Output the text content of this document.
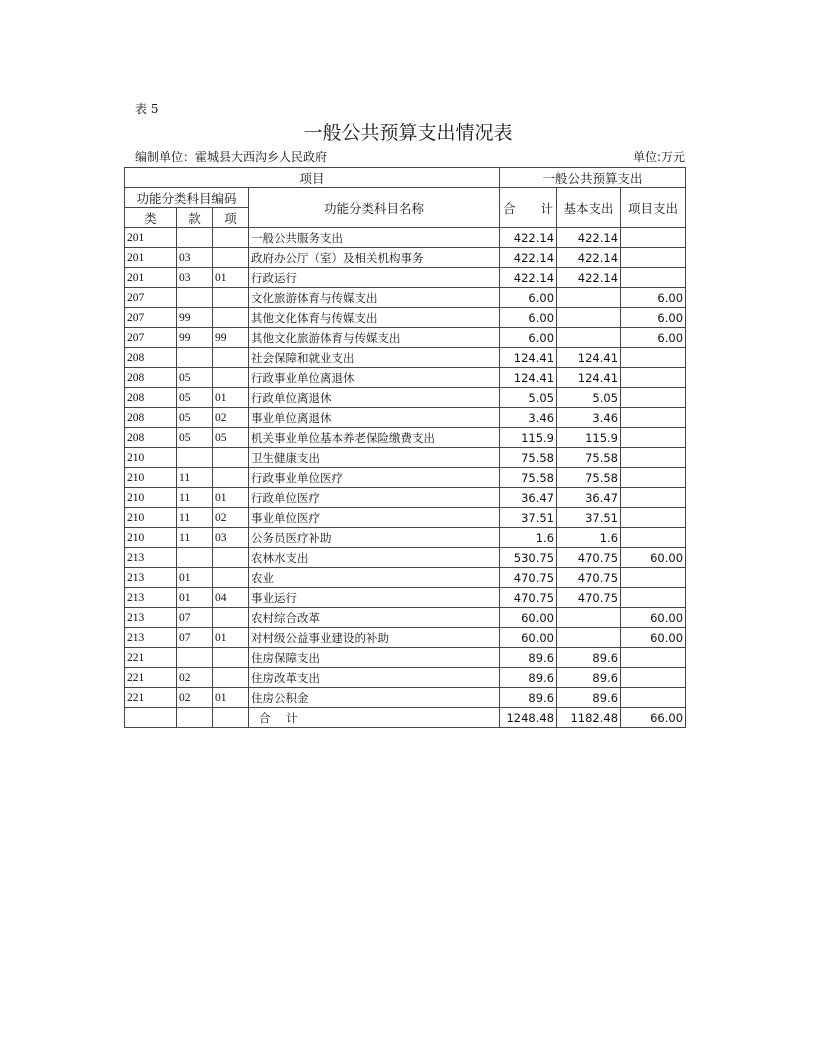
表 5
一般公共预算支出情况表
编制单位：霍城县大西沟乡人民政府	单位:万元
项目				一般公共预算支出		
功能分类科目编码			功能分类科目名称	合　　计	基本支出	项目支出
类	款	项				
201			一般公共服务支出	422.14	422.14	
201	03		政府办公厅（室）及相关机构事务	422.14	422.14	
201	03	01	行政运行	422.14	422.14	
207			文化旅游体育与传媒支出	6.00		6.00
207	99		其他文化体育与传媒支出	6.00		6.00
207	99	99	其他文化旅游体育与传媒支出	6.00		6.00
208			社会保障和就业支出	124.41	124.41	
208	05		行政事业单位离退休	124.41	124.41	
208	05	01	行政单位离退休	5.05	5.05	
208	05	02	事业单位离退休	3.46	3.46	
208	05	05	机关事业单位基本养老保险缴费支出	115.9	115.9	
210			卫生健康支出	75.58	75.58	
210	11		行政事业单位医疗	75.58	75.58	
210	11	01	行政单位医疗	36.47	36.47	
210	11	02	事业单位医疗	37.51	37.51	
210	11	03	公务员医疗补助	1.6	1.6	
213			农林水支出	530.75	470.75	60.00
213	01		农业	470.75	470.75	
213	01	04	事业运行	470.75	470.75	
213	07		农村综合改革	60.00		60.00
213	07	01	对村级公益事业建设的补助	60.00		60.00
221			住房保障支出	89.6	89.6	
221	02		住房改革支出	89.6	89.6	
221	02	01	住房公积金	89.6	89.6	
			合　计	1248.48	1182.48	66.00
